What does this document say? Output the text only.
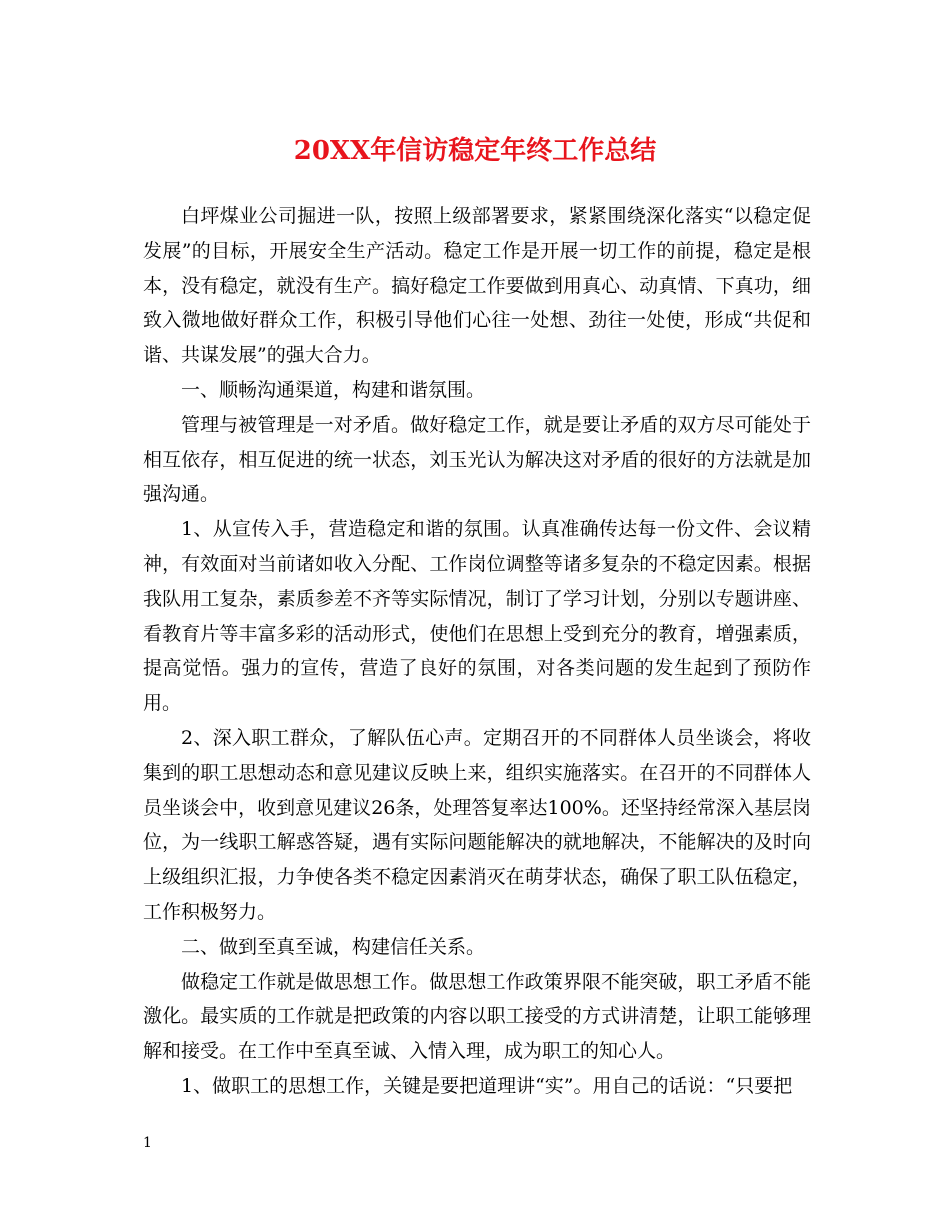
20XX年信访稳定年终工作总结

白坪煤业公司掘进一队，按照上级部署要求，紧紧围绕深化落实“以稳定促发展”的目标，开展安全生产活动。稳定工作是开展一切工作的前提，稳定是根本，没有稳定，就没有生产。搞好稳定工作要做到用真心、动真情、下真功，细致入微地做好群众工作，积极引导他们心往一处想、劲往一处使，形成“共促和谐、共谋发展”的强大合力。

一、顺畅沟通渠道，构建和谐氛围。

管理与被管理是一对矛盾。做好稳定工作，就是要让矛盾的双方尽可能处于相互依存，相互促进的统一状态，刘玉光认为解决这对矛盾的很好的方法就是加强沟通。

1、从宣传入手，营造稳定和谐的氛围。认真准确传达每一份文件、会议精神，有效面对当前诸如收入分配、工作岗位调整等诸多复杂的不稳定因素。根据我队用工复杂，素质参差不齐等实际情况，制订了学习计划，分别以专题讲座、看教育片等丰富多彩的活动形式，使他们在思想上受到充分的教育，增强素质，提高觉悟。强力的宣传，营造了良好的氛围，对各类问题的发生起到了预防作用。

2、深入职工群众，了解队伍心声。定期召开的不同群体人员坐谈会，将收集到的职工思想动态和意见建议反映上来，组织实施落实。在召开的不同群体人员坐谈会中，收到意见建议26条，处理答复率达100%。还坚持经常深入基层岗位，为一线职工解惑答疑，遇有实际问题能解决的就地解决，不能解决的及时向上级组织汇报，力争使各类不稳定因素消灭在萌芽状态，确保了职工队伍稳定，工作积极努力。

二、做到至真至诚，构建信任关系。

做稳定工作就是做思想工作。做思想工作政策界限不能突破，职工矛盾不能激化。最实质的工作就是把政策的内容以职工接受的方式讲清楚，让职工能够理解和接受。在工作中至真至诚、入情入理，成为职工的知心人。

1、做职工的思想工作，关键是要把道理讲“实”。用自己的话说：“只要把

1
